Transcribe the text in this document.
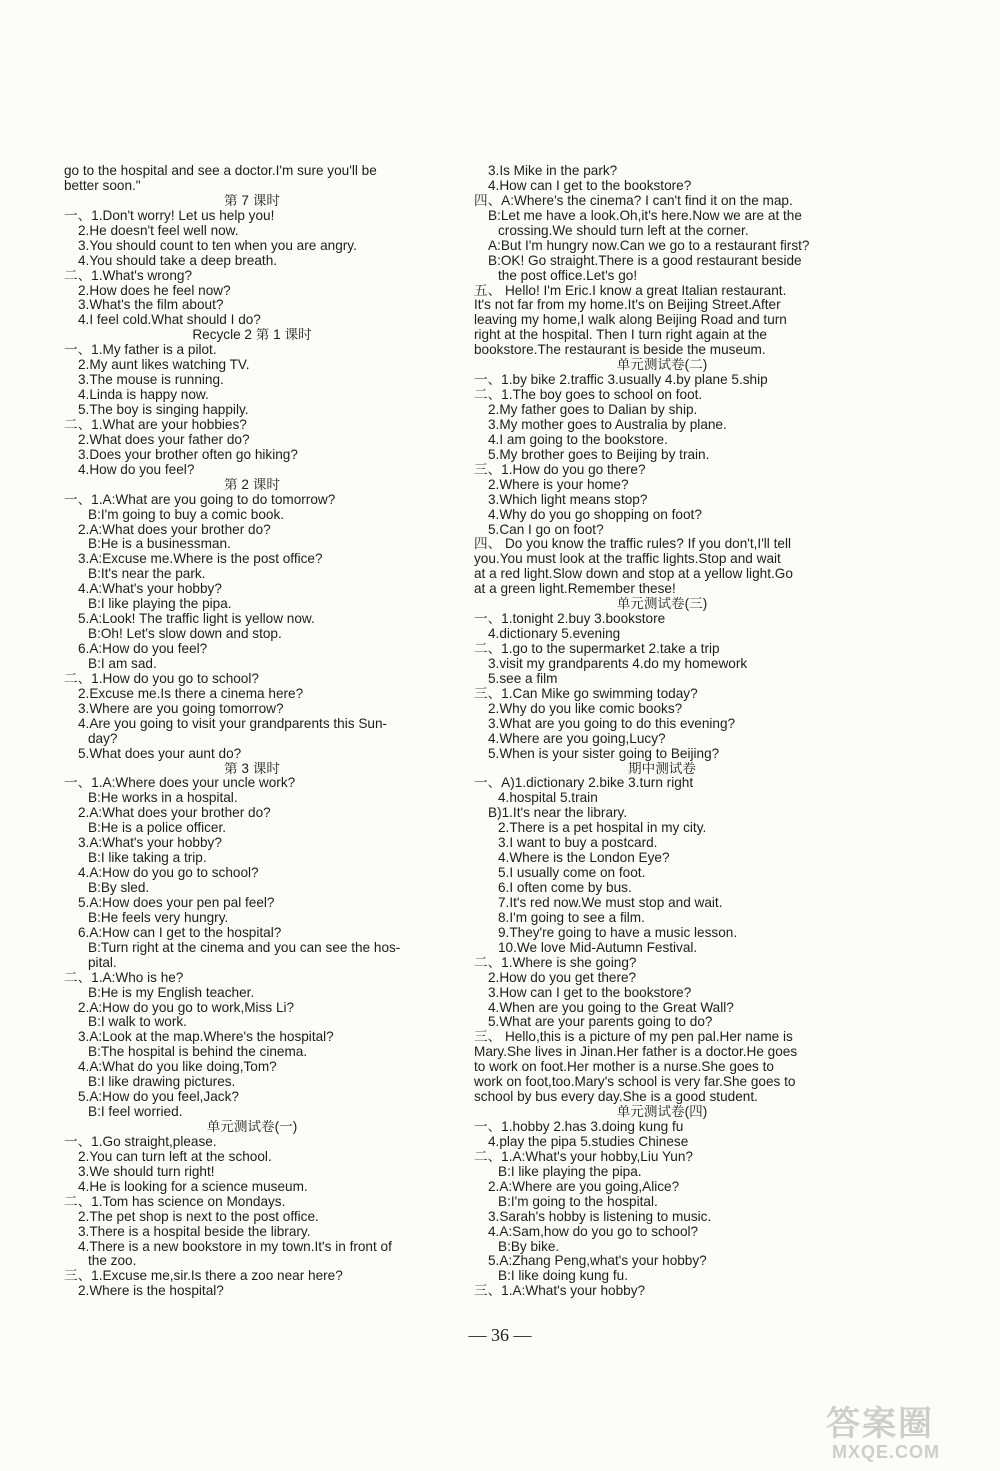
go to the hospital and see a doctor.I'm sure you'll be
better soon."
第 7 课时
一、1.Don't worry! Let us help you!
2.He doesn't feel well now.
3.You should count to ten when you are angry.
4.You should take a deep breath.
二、1.What's wrong?
2.How does he feel now?
3.What's the film about?
4.I feel cold.What should I do?
Recycle 2 第 1 课时
一、1.My father is a pilot.
2.My aunt likes watching TV.
3.The mouse is running.
4.Linda is happy now.
5.The boy is singing happily.
二、1.What are your hobbies?
2.What does your father do?
3.Does your brother often go hiking?
4.How do you feel?
第 2 课时
一、1.A:What are you going to do tomorrow?
B:I'm going to buy a comic book.
2.A:What does your brother do?
B:He is a businessman.
3.A:Excuse me.Where is the post office?
B:It's near the park.
4.A:What's your hobby?
B:I like playing the pipa.
5.A:Look! The traffic light is yellow now.
B:Oh! Let's slow down and stop.
6.A:How do you feel?
B:I am sad.
二、1.How do you go to school?
2.Excuse me.Is there a cinema here?
3.Where are you going tomorrow?
4.Are you going to visit your grandparents this Sun-
day?
5.What does your aunt do?
第 3 课时
一、1.A:Where does your uncle work?
B:He works in a hospital.
2.A:What does your brother do?
B:He is a police officer.
3.A:What's your hobby?
B:I like taking a trip.
4.A:How do you go to school?
B:By sled.
5.A:How does your pen pal feel?
B:He feels very hungry.
6.A:How can I get to the hospital?
B:Turn right at the cinema and you can see the hos-
pital.
二、1.A:Who is he?
B:He is my English teacher.
2.A:How do you go to work,Miss Li?
B:I walk to work.
3.A:Look at the map.Where's the hospital?
B:The hospital is behind the cinema.
4.A:What do you like doing,Tom?
B:I like drawing pictures.
5.A:How do you feel,Jack?
B:I feel worried.
单元测试卷(一)
一、1.Go straight,please.
2.You can turn left at the school.
3.We should turn right!
4.He is looking for a science museum.
二、1.Tom has science on Mondays.
2.The pet shop is next to the post office.
3.There is a hospital beside the library.
4.There is a new bookstore in my town.It's in front of
the zoo.
三、1.Excuse me,sir.Is there a zoo near here?
2.Where is the hospital?
3.Is Mike in the park?
4.How can I get to the bookstore?
四、A:Where's the cinema? I can't find it on the map.
B:Let me have a look.Oh,it's here.Now we are at the
crossing.We should turn left at the corner.
A:But I'm hungry now.Can we go to a restaurant first?
B:OK! Go straight.There is a good restaurant beside
the post office.Let's go!
五、 Hello! I'm Eric.I know a great Italian restaurant.
It's not far from my home.It's on Beijing Street.After
leaving my home,I walk along Beijing Road and turn
right at the hospital. Then I turn right again at the
bookstore.The restaurant is beside the museum.
单元测试卷(二)
一、1.by bike 2.traffic 3.usually 4.by plane 5.ship
二、1.The boy goes to school on foot.
2.My father goes to Dalian by ship.
3.My mother goes to Australia by plane.
4.I am going to the bookstore.
5.My brother goes to Beijing by train.
三、1.How do you go there?
2.Where is your home?
3.Which light means stop?
4.Why do you go shopping on foot?
5.Can I go on foot?
四、 Do you know the traffic rules? If you don't,I'll tell
you.You must look at the traffic lights.Stop and wait
at a red light.Slow down and stop at a yellow light.Go
at a green light.Remember these!
单元测试卷(三)
一、1.tonight 2.buy 3.bookstore
4.dictionary 5.evening
二、1.go to the supermarket 2.take a trip
3.visit my grandparents 4.do my homework
5.see a film
三、1.Can Mike go swimming today?
2.Why do you like comic books?
3.What are you going to do this evening?
4.Where are you going,Lucy?
5.When is your sister going to Beijing?
期中测试卷
一、A)1.dictionary 2.bike 3.turn right
4.hospital 5.train
B)1.It's near the library.
2.There is a pet hospital in my city.
3.I want to buy a postcard.
4.Where is the London Eye?
5.I usually come on foot.
6.I often come by bus.
7.It's red now.We must stop and wait.
8.I'm going to see a film.
9.They're going to have a music lesson.
10.We love Mid-Autumn Festival.
二、1.Where is she going?
2.How do you get there?
3.How can I get to the bookstore?
4.When are you going to the Great Wall?
5.What are your parents going to do?
三、 Hello,this is a picture of my pen pal.Her name is
Mary.She lives in Jinan.Her father is a doctor.He goes
to work on foot.Her mother is a nurse.She goes to
work on foot,too.Mary's school is very far.She goes to
school by bus every day.She is a good student.
单元测试卷(四)
一、1.hobby 2.has 3.doing kung fu
4.play the pipa 5.studies Chinese
二、1.A:What's your hobby,Liu Yun?
B:I like playing the pipa.
2.A:Where are you going,Alice?
B:I'm going to the hospital.
3.Sarah's hobby is listening to music.
4.A:Sam,how do you go to school?
B:By bike.
5.A:Zhang Peng,what's your hobby?
B:I like doing kung fu.
三、1.A:What's your hobby?
— 36 —
答案圈
MXQE.COM
